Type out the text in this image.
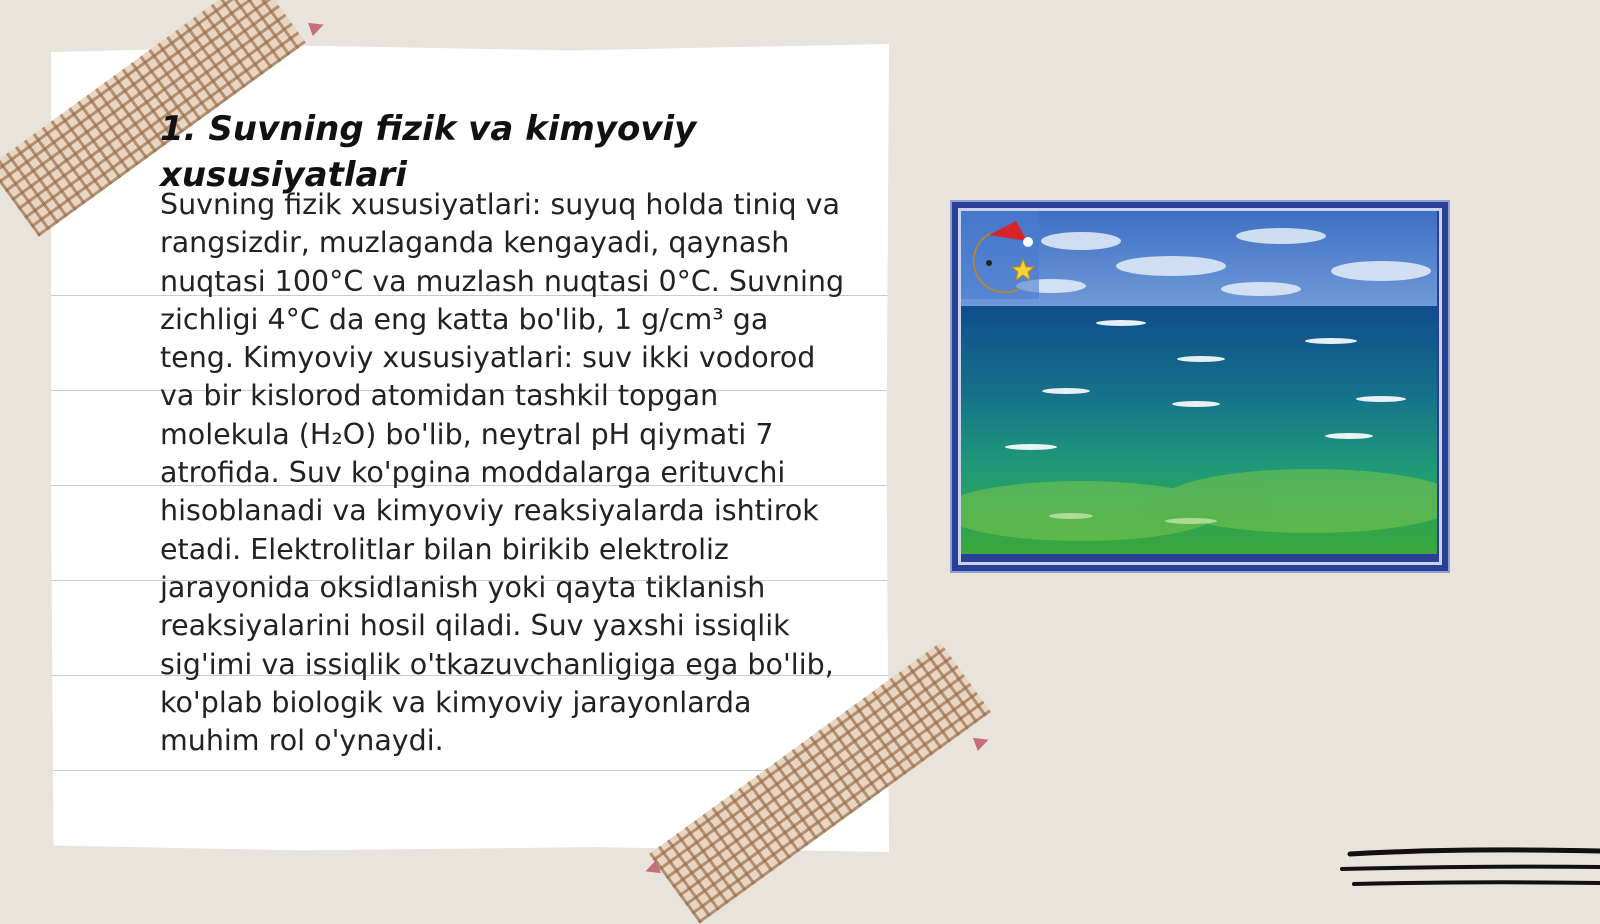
1. Suvning fizik va kimyoviy xususiyatlari

Suvning fizik xususiyatlari: suyuq holda tiniq va rangsizdir, muzlaganda kengayadi, qaynash nuqtasi 100°C va muzlash nuqtasi 0°C. Suvning zichligi 4°C da eng katta bo'lib, 1 g/cm³ ga teng. Kimyoviy xususiyatlari: suv ikki vodorod va bir kislorod atomidan tashkil topgan molekula (H₂O) bo'lib, neytral pH qiymati 7 atrofida. Suv ko'pgina moddalarga erituvchi hisoblanadi va kimyoviy reaksiyalarda ishtirok etadi. Elektrolitlar bilan birikib elektroliz jarayonida oksidlanish yoki qayta tiklanish reaksiyalarini hosil qiladi. Suv yaxshi issiqlik sig'imi va issiqlik o'tkazuvchanligiga ega bo'lib, ko'plab biologik va kimyoviy jarayonlarda muhim rol o'ynaydi.
